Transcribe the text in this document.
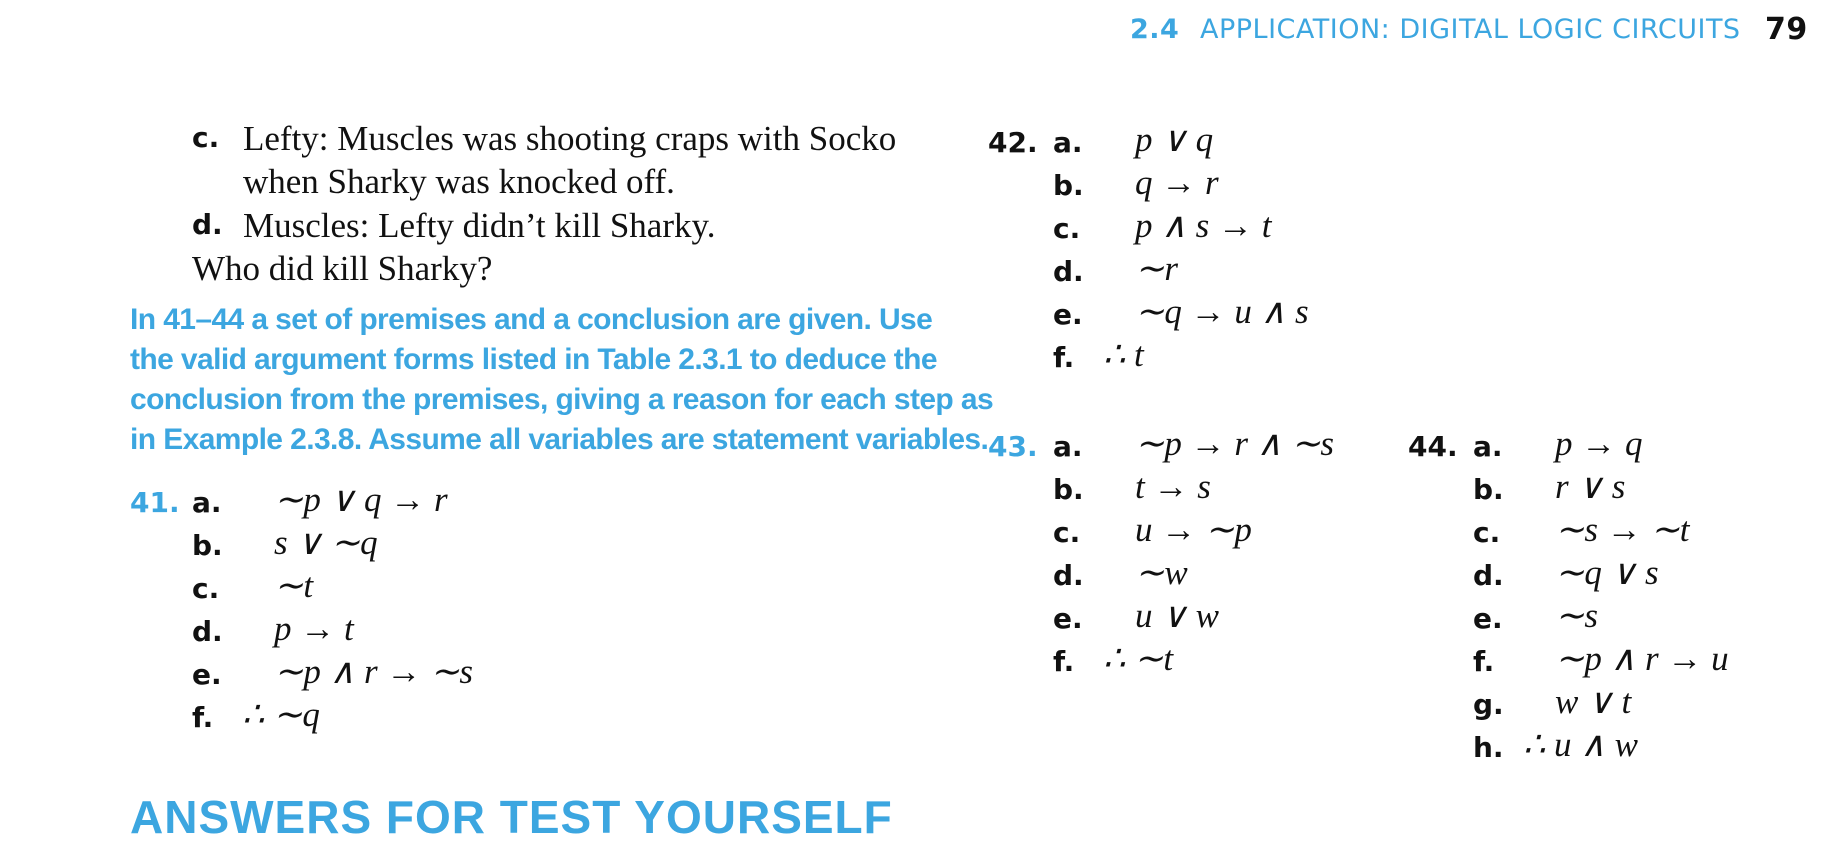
2.4 APPLICATION: DIGITAL LOGIC CIRCUITS 79
c. Lefty: Muscles was shooting craps with Socko
when Sharky was knocked off.
d. Muscles: Lefty didn’t kill Sharky.
Who did kill Sharky?
In 41–44 a set of premises and a conclusion are given. Use
the valid argument forms listed in Table 2.3.1 to deduce the
conclusion from the premises, giving a reason for each step as
in Example 2.3.8. Assume all variables are statement variables.
41. a. ∼p ∨ q → r
b. s ∨ ∼q
c. ∼t
d. p → t
e. ∼p ∧ r → ∼s
f. ∴ ∼q
42. a. p ∨ q
b. q → r
c. p ∧ s → t
d. ∼r
e. ∼q → u ∧ s
f. ∴ t
43. a. ∼p → r ∧ ∼s
b. t → s
c. u → ∼p
d. ∼w
e. u ∨ w
f. ∴ ∼t
44. a. p → q
b. r ∨ s
c. ∼s → ∼t
d. ∼q ∨ s
e. ∼s
f. ∼p ∧ r → u
g. w ∨ t
h. ∴ u ∧ w
ANSWERS FOR TEST YOURSELF
